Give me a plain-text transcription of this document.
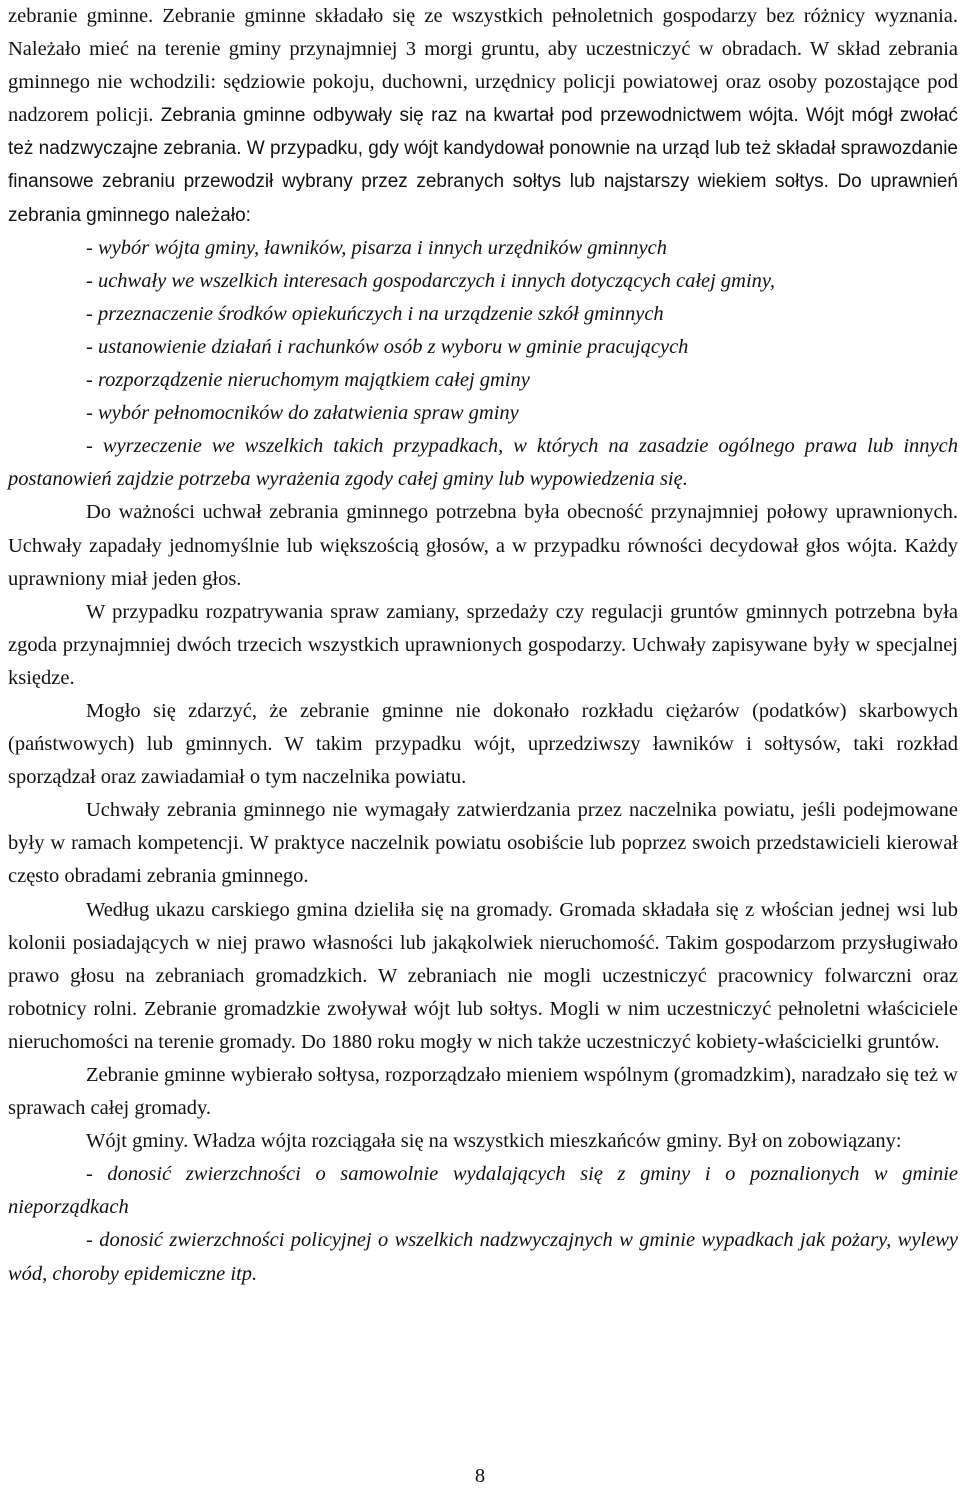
zebranie gminne. Zebranie gminne składało się ze wszystkich pełnoletnich gospodarzy bez różnicy wyznania. Należało mieć na terenie gminy przynajmniej 3 morgi gruntu, aby uczestniczyć w obradach. W skład zebrania gminnego nie wchodzili: sędziowie pokoju, duchowni, urzędnicy policji powiatowej oraz osoby pozostające pod nadzorem policji. Zebrania gminne odbywały się raz na kwartał pod przewodnictwem wójta. Wójt mógł zwołać też nadzwyczajne zebrania. W przypadku, gdy wójt kandydował ponownie na urząd lub też składał sprawozdanie finansowe zebraniu przewodził wybrany przez zebranych sołtys lub najstarszy wiekiem sołtys. Do uprawnień zebrania gminnego należało:

- wybór wójta gminy, ławników, pisarza i innych urzędników gminnych

- uchwały we wszelkich interesach gospodarczych i innych dotyczących całej gminy,

- przeznaczenie środków opiekuńczych i na urządzenie szkół gminnych

- ustanowienie działań i rachunków osób z wyboru w gminie pracujących

- rozporządzenie nieruchomym majątkiem całej gminy

- wybór pełnomocników do załatwienia spraw gminy

- wyrzeczenie we wszelkich takich przypadkach, w których na zasadzie ogólnego prawa lub innych postanowień zajdzie potrzeba wyrażenia zgody całej gminy lub wypowiedzenia się.

Do ważności uchwał zebrania gminnego potrzebna była obecność przynajmniej połowy uprawnionych. Uchwały zapadały jednomyślnie lub większością głosów, a w przypadku równości decydował głos wójta. Każdy uprawniony miał jeden głos.

W przypadku rozpatrywania spraw zamiany, sprzedaży czy regulacji gruntów gminnych potrzebna była zgoda przynajmniej dwóch trzecich wszystkich uprawnionych gospodarzy. Uchwały zapisywane były w specjalnej księdze.

Mogło się zdarzyć, że zebranie gminne nie dokonało rozkładu ciężarów (podatków) skarbowych (państwowych) lub gminnych. W takim przypadku wójt, uprzedziwszy ławników i sołtysów, taki rozkład sporządzał oraz zawiadamiał o tym naczelnika powiatu.

Uchwały zebrania gminnego nie wymagały zatwierdzania przez naczelnika powiatu, jeśli podejmowane były w ramach kompetencji. W praktyce naczelnik powiatu osobiście lub poprzez swoich przedstawicieli kierował często obradami zebrania gminnego.

Według ukazu carskiego gmina dzieliła się na gromady. Gromada składała się z włościan jednej wsi lub kolonii posiadających w niej prawo własności lub jakąkolwiek nieruchomość. Takim gospodarzom przysługiwało prawo głosu na zebraniach gromadzkich. W zebraniach nie mogli uczestniczyć pracownicy folwarczni oraz robotnicy rolni. Zebranie gromadzkie zwoływał wójt lub sołtys. Mogli w nim uczestniczyć pełnoletni właściciele nieruchomości na terenie gromady. Do 1880 roku mogły w nich także uczestniczyć kobiety-właścicielki gruntów.

Zebranie gminne wybierało sołtysa, rozporządzało mieniem wspólnym (gromadzkim), naradzało się też w sprawach całej gromady.

Wójt gminy. Władza wójta rozciągała się na wszystkich mieszkańców gminy. Był on zobowiązany:

- donosić zwierzchności o samowolnie wydalających się z gminy i o poznalionych w gminie nieporządkach

- donosić zwierzchności policyjnej o wszelkich nadzwyczajnych w gminie wypadkach jak pożary, wylewy wód, choroby epidemiczne itp.

8
